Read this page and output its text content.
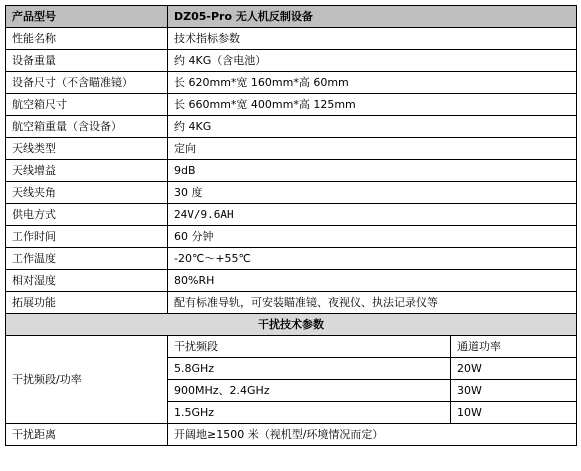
产品型号	DZ05-Pro 无人机反制设备	
性能名称	技术指标参数	
设备重量	约 4KG（含电池）	
设备尺寸（不含瞄准镜）	长 620mm*宽 160mm*高 60mm	
航空箱尺寸	长 660mm*宽 400mm*高 125mm	
航空箱重量（含设备）	约 4KG	
天线类型	定向	
天线增益	9dB	
天线夹角	30 度	
供电方式	24V/9.6AH	
工作时间	60 分钟	
工作温度	-20℃～+55℃	
相对湿度	80%RH	
拓展功能	配有标准导轨，可安装瞄准镜、夜视仪、执法记录仪等	
干扰技术参数		
干扰频段/功率	干扰频段	通道功率
	5.8GHz	20W
	900MHz、2.4GHz	30W
	1.5GHz	10W
干扰距离	开阔地≥1500 米（视机型/环境情况而定）	
